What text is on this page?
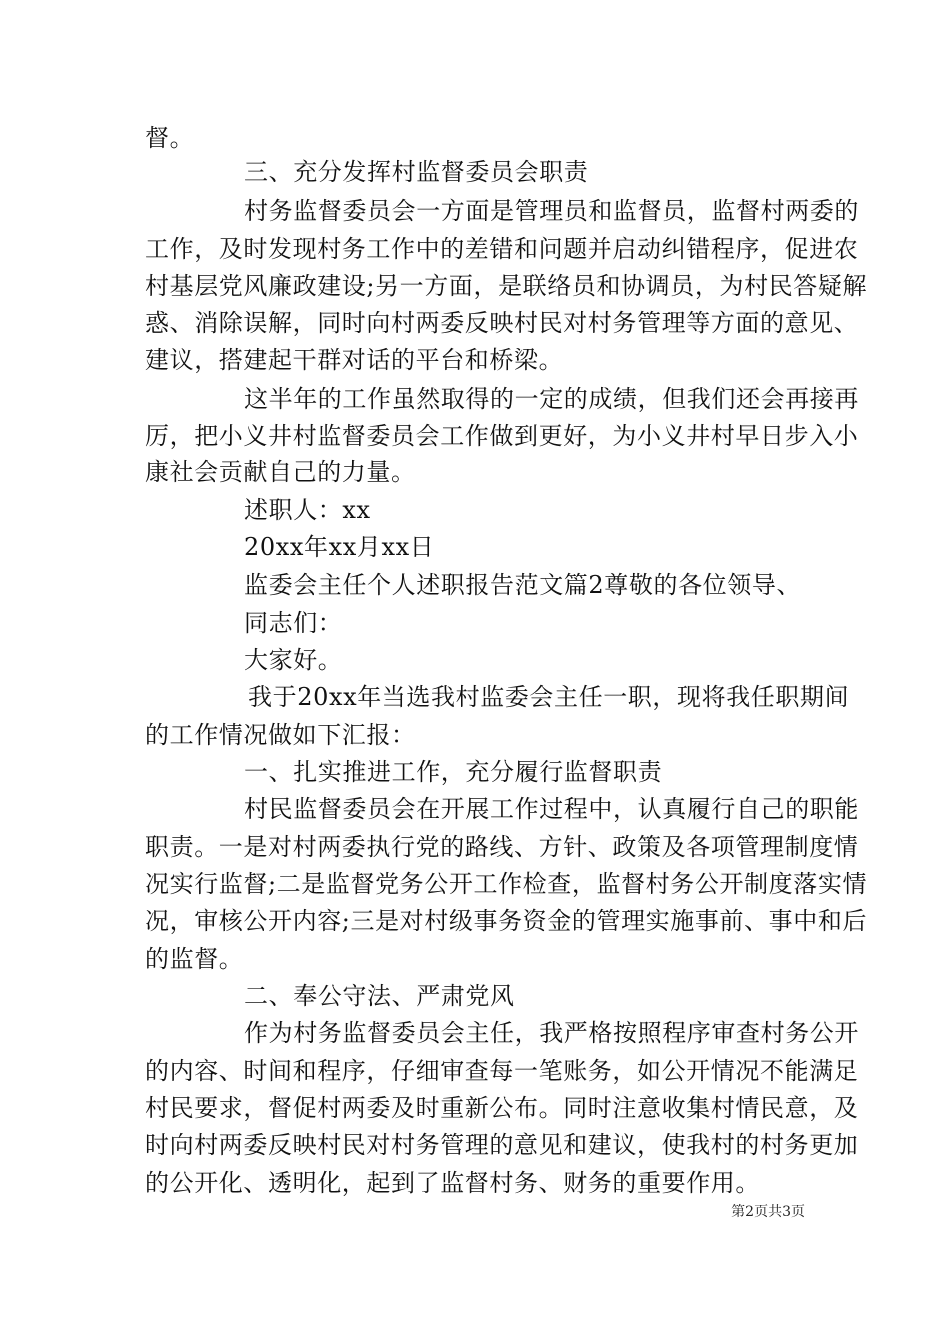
督。
三、充分发挥村监督委员会职责
村务监督委员会一方面是管理员和监督员，监督村两委的
工作，及时发现村务工作中的差错和问题并启动纠错程序，促进农
村基层党风廉政建设;另一方面，是联络员和协调员，为村民答疑解
惑、消除误解，同时向村两委反映村民对村务管理等方面的意见、
建议，搭建起干群对话的平台和桥梁。
这半年的工作虽然取得的一定的成绩，但我们还会再接再
厉，把小义井村监督委员会工作做到更好，为小义井村早日步入小
康社会贡献自己的力量。
述职人：xx
20xx年xx月xx日
监委会主任个人述职报告范文篇2尊敬的各位领导、
同志们：
大家好。
我于20xx年当选我村监委会主任一职，现将我任职期间
的工作情况做如下汇报：
一、扎实推进工作，充分履行监督职责
村民监督委员会在开展工作过程中，认真履行自己的职能
职责。一是对村两委执行党的路线、方针、政策及各项管理制度情
况实行监督;二是监督党务公开工作检查，监督村务公开制度落实情
况，审核公开内容;三是对村级事务资金的管理实施事前、事中和后
的监督。
二、奉公守法、严肃党风
作为村务监督委员会主任，我严格按照程序审查村务公开
的内容、时间和程序，仔细审查每一笔账务，如公开情况不能满足
村民要求，督促村两委及时重新公布。同时注意收集村情民意，及
时向村两委反映村民对村务管理的意见和建议，使我村的村务更加
的公开化、透明化，起到了监督村务、财务的重要作用。
第2页共3页
